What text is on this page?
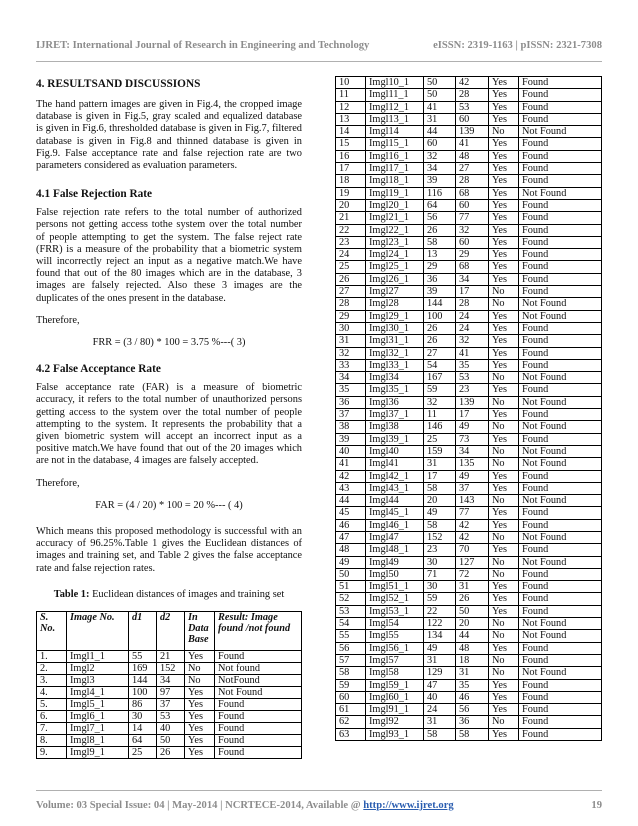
IJRET: International Journal of Research in Engineering and Technology	eISSN: 2319-1163 | pISSN: 2321-7308
4. RESULTSAND DISCUSSIONS

The hand pattern images are given in Fig.4, the cropped image database is given in Fig.5, gray scaled and equalized database is given in Fig.6, thresholded database is given in Fig.7, filtered database is given in Fig.8 and thinned database is given in Fig.9. False acceptance rate and false rejection rate are two parameters considered as evaluation parameters.

4.1 False Rejection Rate

False rejection rate refers to the total number of authorized persons not getting access tothe system over the total number of people attempting to get the system. The false reject rate (FRR) is a measure of the probability that a biometric system will incorrectly reject an input as a negative match.We have found that out of the 80 images which are in the database, 3 images are falsely rejected. Also these 3 images are the duplicates of the ones present in the database.

Therefore,

FRR = (3 / 80) * 100 = 3.75 %---( 3)

4.2 False Acceptance Rate

False acceptance rate (FAR) is a measure of biometric accuracy, it refers to the total number of unauthorized persons getting access to the system over the total number of people attempting to the system. It represents the probability that a given biometric system will accept an incorrect input as a positive match.We have found that out of the 20 images which are not in the database, 4 images are falsely accepted.

Therefore,

FAR = (4 / 20) * 100 = 20 %--- ( 4)

Which means this proposed methodology is successful with an accuracy of 96.25%.Table 1 gives the Euclidean distances of images and training set, and Table 2 gives the false acceptance rate and false rejection rates.

Table 1: Euclidean distances of images and training set

S. No.	Image No.	d1	d2	In Data Base	Result: Image found /not found
1.	Imgl1_1	55	21	Yes	Found
2.	Imgl2	169	152	No	Not found
3.	Imgl3	144	34	No	NotFound
4.	Imgl4_1	100	97	Yes	Not Found
5.	Imgl5_1	86	37	Yes	Found
6.	Imgl6_1	30	53	Yes	Found
7.	Imgl7_1	14	40	Yes	Found
8.	Imgl8_1	64	50	Yes	Found
9.	Imgl9_1	25	26	Yes	Found
10	Imgl10_1	50	42	Yes	Found
11	Imgl11_1	50	28	Yes	Found
12	Imgl12_1	41	53	Yes	Found
13	Imgl13_1	31	60	Yes	Found
14	Imgl14	44	139	No	Not Found
15	Imgl15_1	60	41	Yes	Found
16	Imgl16_1	32	48	Yes	Found
17	Imgl17_1	34	27	Yes	Found
18	Imgl18_1	39	28	Yes	Found
19	Imgl19_1	116	68	Yes	Not Found
20	Imgl20_1	64	60	Yes	Found
21	Imgl21_1	56	77	Yes	Found
22	Imgl22_1	26	32	Yes	Found
23	Imgl23_1	58	60	Yes	Found
24	Imgl24_1	13	29	Yes	Found
25	Imgl25_1	29	68	Yes	Found
26	Imgl26_1	36	34	Yes	Found
27	Imgl27	39	17	No	Found
28	Imgl28	144	28	No	Not Found
29	Imgl29_1	100	24	Yes	Not Found
30	Imgl30_1	26	24	Yes	Found
31	Imgl31_1	26	32	Yes	Found
32	Imgl32_1	27	41	Yes	Found
33	Imgl33_1	54	35	Yes	Found
34	Imgl34	167	53	No	Not Found
35	Imgl35_1	59	23	Yes	Found
36	Imgl36	32	139	No	Not Found
37	Imgl37_1	11	17	Yes	Found
38	Imgl38	146	49	No	Not Found
39	Imgl39_1	25	73	Yes	Found
40	Imgl40	159	34	No	Not Found
41	Imgl41	31	135	No	Not Found
42	Imgl42_1	17	49	Yes	Found
43	Imgl43_1	58	37	Yes	Found
44	Imgl44	20	143	No	Not Found
45	Imgl45_1	49	77	Yes	Found
46	Imgl46_1	58	42	Yes	Found
47	Imgl47	152	42	No	Not Found
48	Imgl48_1	23	70	Yes	Found
49	Imgl49	30	127	No	Not Found
50	Imgl50	71	72	No	Found
51	Imgl51_1	30	31	Yes	Found
52	Imgl52_1	59	26	Yes	Found
53	Imgl53_1	22	50	Yes	Found
54	Imgl54	122	20	No	Not Found
55	Imgl55	134	44	No	Not Found
56	Imgl56_1	49	48	Yes	Found
57	Imgl57	31	18	No	Found
58	Imgl58	129	31	No	Not Found
59	Imgl59_1	47	35	Yes	Found
60	Imgl60_1	40	46	Yes	Found
61	Imgl91_1	24	56	Yes	Found
62	Imgl92	31	36	No	Found
63	Imgl93_1	58	58	Yes	Found
Volume: 03 Special Issue: 04 | May-2014 | NCRTECE-2014, Available @ http://www.ijret.org	19
